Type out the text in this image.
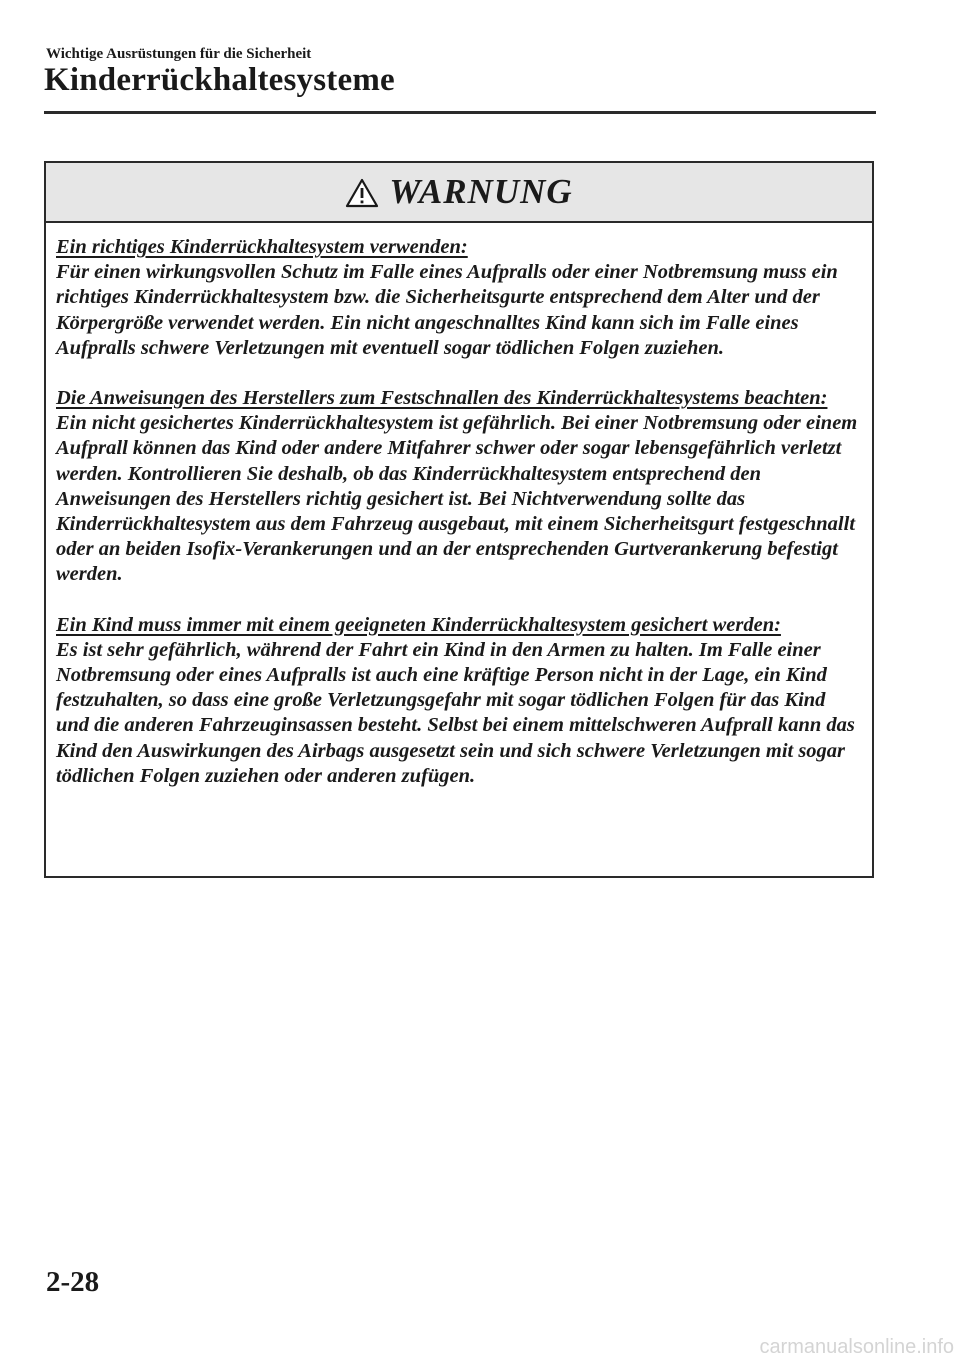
Wichtige Ausrüstungen für die Sicherheit
Kinderrückhaltesysteme
WARNUNG
Ein richtiges Kinderrückhaltesystem verwenden:
Für einen wirkungsvollen Schutz im Falle eines Aufpralls oder einer Notbremsung muss ein richtiges Kinderrückhaltesystem bzw. die Sicherheitsgurte entsprechend dem Alter und der Körpergröße verwendet werden. Ein nicht angeschnalltes Kind kann sich im Falle eines Aufpralls schwere Verletzungen mit eventuell sogar tödlichen Folgen zuziehen.
Die Anweisungen des Herstellers zum Festschnallen des Kinderrückhaltesystems beachten:
Ein nicht gesichertes Kinderrückhaltesystem ist gefährlich. Bei einer Notbremsung oder einem Aufprall können das Kind oder andere Mitfahrer schwer oder sogar lebensgefährlich verletzt werden. Kontrollieren Sie deshalb, ob das Kinderrückhaltesystem entsprechend den Anweisungen des Herstellers richtig gesichert ist. Bei Nichtverwendung sollte das Kinderrückhaltesystem aus dem Fahrzeug ausgebaut, mit einem Sicherheitsgurt festgeschnallt oder an beiden Isofix-Verankerungen und an der entsprechenden Gurtverankerung befestigt werden.
Ein Kind muss immer mit einem geeigneten Kinderrückhaltesystem gesichert werden:
Es ist sehr gefährlich, während der Fahrt ein Kind in den Armen zu halten. Im Falle einer Notbremsung oder eines Aufpralls ist auch eine kräftige Person nicht in der Lage, ein Kind festzuhalten, so dass eine große Verletzungsgefahr mit sogar tödlichen Folgen für das Kind und die anderen Fahrzeuginsassen besteht. Selbst bei einem mittelschweren Aufprall kann das Kind den Auswirkungen des Airbags ausgesetzt sein und sich schwere Verletzungen mit sogar tödlichen Folgen zuziehen oder anderen zufügen.
2-28
carmanualsonline.info
